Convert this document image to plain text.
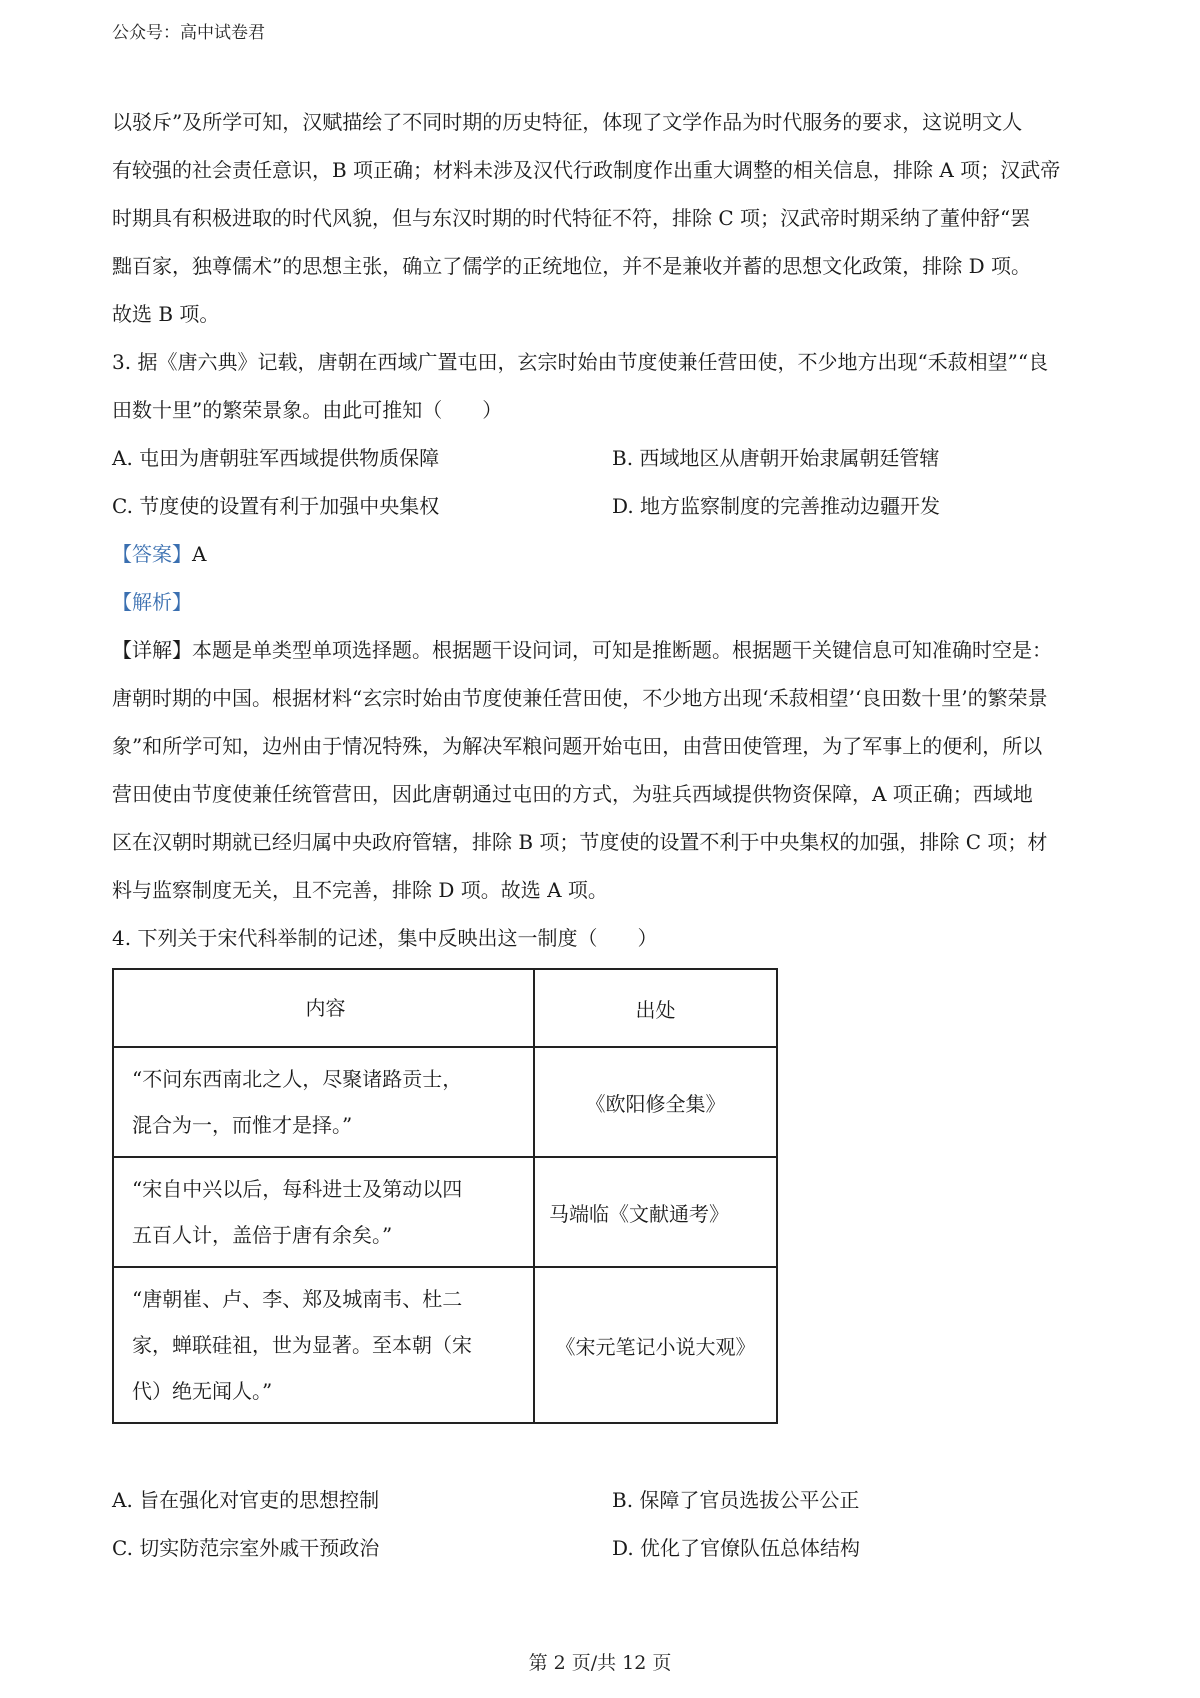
公众号：高中试卷君

以驳斥”及所学可知，汉赋描绘了不同时期的历史特征，体现了文学作品为时代服务的要求，这说明文人

有较强的社会责任意识，B 项正确；材料未涉及汉代行政制度作出重大调整的相关信息，排除 A 项；汉武帝

时期具有积极进取的时代风貌，但与东汉时期的时代特征不符，排除 C 项；汉武帝时期采纳了董仲舒“罢

黜百家，独尊儒术”的思想主张，确立了儒学的正统地位，并不是兼收并蓄的思想文化政策，排除 D 项。

故选 B 项。

3. 据《唐六典》记载，唐朝在西域广置屯田，玄宗时始由节度使兼任营田使，不少地方出现“禾菽相望”“良

田数十里”的繁荣景象。由此可推知（　　）

A. 屯田为唐朝驻军西域提供物质保障	B. 西域地区从唐朝开始隶属朝廷管辖
C. 节度使的设置有利于加强中央集权	D. 地方监察制度的完善推动边疆开发

【答案】A

【解析】

【详解】本题是单类型单项选择题。根据题干设问词，可知是推断题。根据题干关键信息可知准确时空是：

唐朝时期的中国。根据材料“玄宗时始由节度使兼任营田使，不少地方出现‘禾菽相望’‘良田数十里’的繁荣景

象”和所学可知，边州由于情况特殊，为解决军粮问题开始屯田，由营田使管理，为了军事上的便利，所以

营田使由节度使兼任统管营田，因此唐朝通过屯田的方式，为驻兵西域提供物资保障，A 项正确；西域地

区在汉朝时期就已经归属中央政府管辖，排除 B 项；节度使的设置不利于中央集权的加强，排除 C 项；材

料与监察制度无关，且不完善，排除 D 项。故选 A 项。

4. 下列关于宋代科举制的记述，集中反映出这一制度（　　）

内容	出处

“不问东西南北之人，尽聚诸路贡士，
混合为一，而惟才是择。”	《欧阳修全集》

“宋自中兴以后，每科进士及第动以四
五百人计，盖倍于唐有余矣。”	马端临《文献通考》

“唐朝崔、卢、李、郑及城南韦、杜二
家，蝉联硅祖，世为显著。至本朝（宋
代）绝无闻人。”	《宋元笔记小说大观》
A. 旨在强化对官吏的思想控制	B. 保障了官员选拔公平公正
C. 切实防范宗室外戚干预政治	D. 优化了官僚队伍总体结构
第 2 页/共 12 页
